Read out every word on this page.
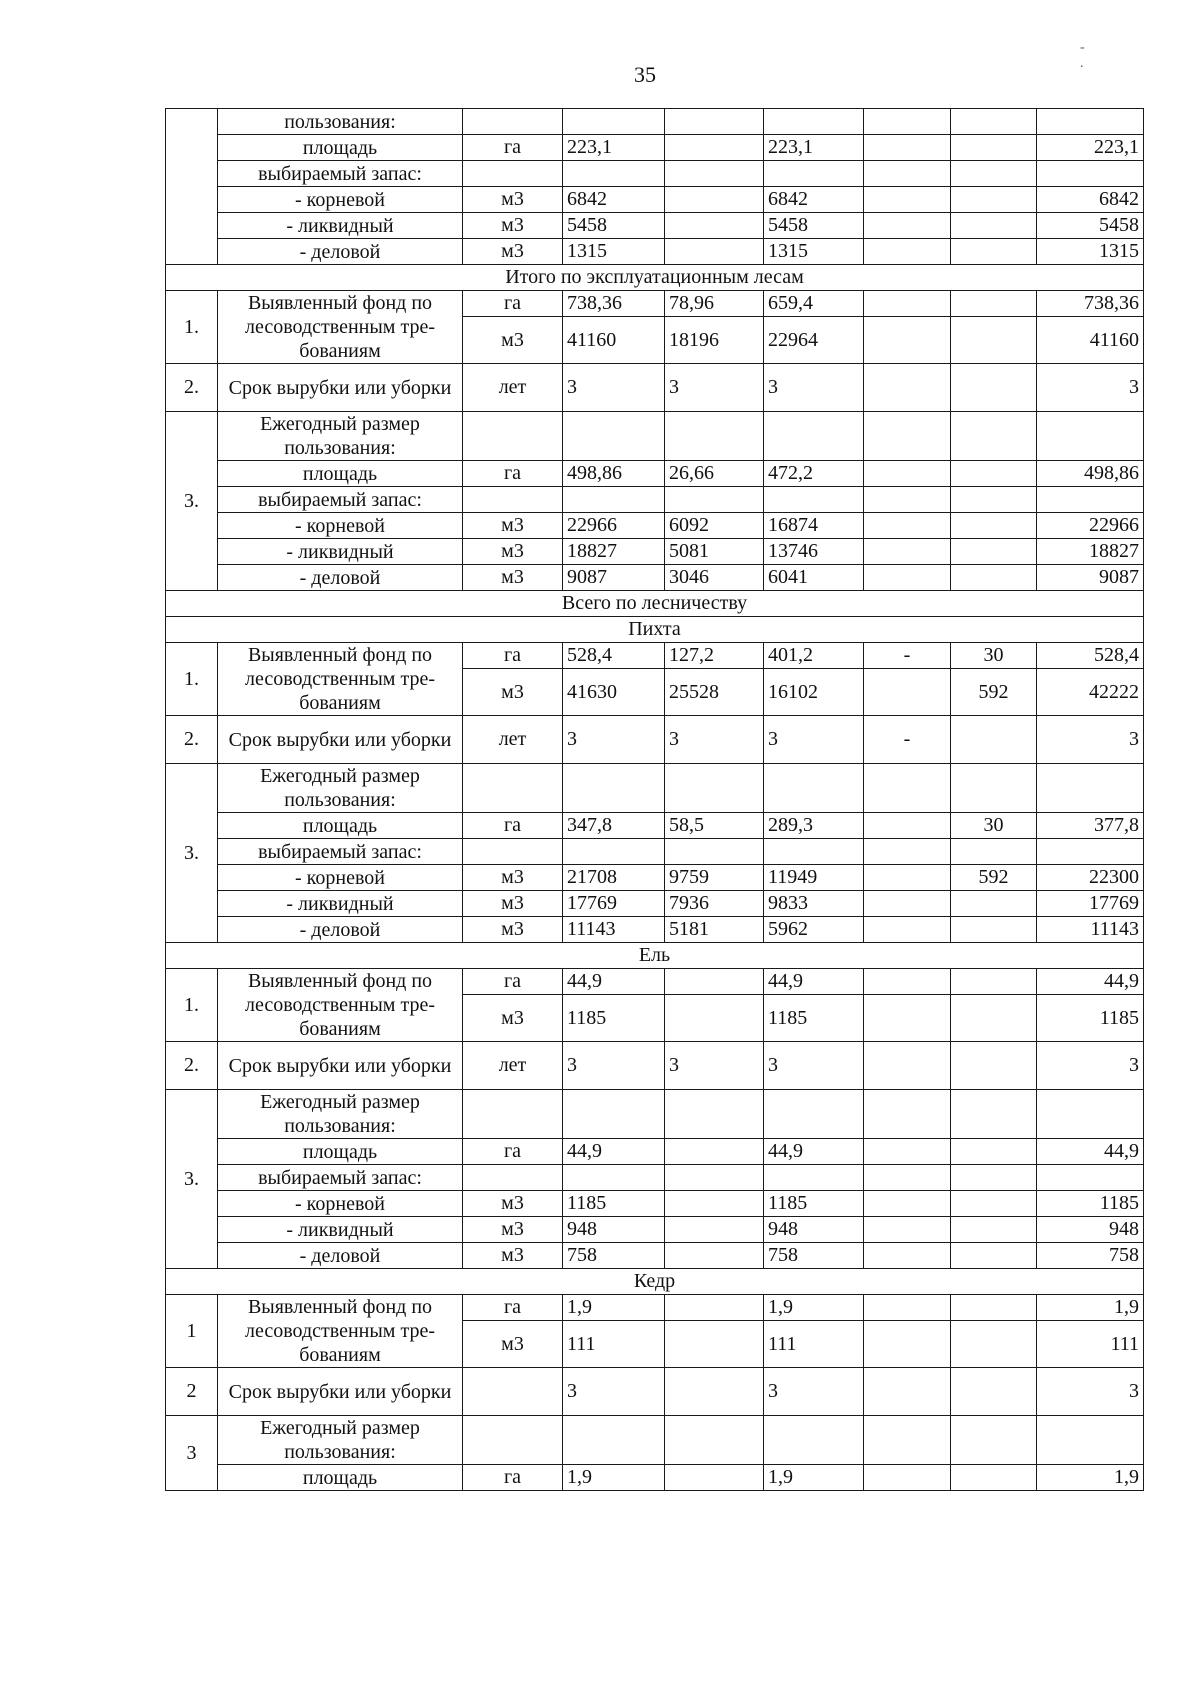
35
- .
	пользования:							
	площадь	га	223,1		223,1			223,1
	выбираемый запас:							
	- корневой	м3	6842		6842			6842
	- ликвидный	м3	5458		5458			5458
	- деловой	м3	1315		1315			1315
Итого по эксплуатационным лесам								
1.	Выявленный фонд по лесоводственным тре- бованиям	га	738,36	78,96	659,4			738,36
		м3	41160	18196	22964			41160
2.	Срок вырубки или уборки	лет	3	3	3			3
3.	Ежегодный размер пользования:							
	площадь	га	498,86	26,66	472,2			498,86
	выбираемый запас:							
	- корневой	м3	22966	6092	16874			22966
	- ликвидный	м3	18827	5081	13746			18827
	- деловой	м3	9087	3046	6041			9087
Всего по лесничеству								
Пихта								
1.	Выявленный фонд по лесоводственным тре- бованиям	га	528,4	127,2	401,2	-	30	528,4
		м3	41630	25528	16102		592	42222
2.	Срок вырубки или уборки	лет	3	3	3	-		3
3.	Ежегодный размер пользования:							
	площадь	га	347,8	58,5	289,3		30	377,8
	выбираемый запас:							
	- корневой	м3	21708	9759	11949		592	22300
	- ликвидный	м3	17769	7936	9833			17769
	- деловой	м3	11143	5181	5962			11143
Ель								
1.	Выявленный фонд по лесоводственным тре- бованиям	га	44,9		44,9			44,9
		м3	1185		1185			1185
2.	Срок вырубки или уборки	лет	3	3	3			3
3.	Ежегодный размер пользования:							
	площадь	га	44,9		44,9			44,9
	выбираемый запас:							
	- корневой	м3	1185		1185			1185
	- ликвидный	м3	948		948			948
	- деловой	м3	758		758			758
Кедр								
1	Выявленный фонд по лесоводственным тре- бованиям	га	1,9		1,9			1,9
		м3	111		111			111
2	Срок вырубки или уборки		3		3			3
3	Ежегодный размер пользования:							
	площадь	га	1,9		1,9			1,9
